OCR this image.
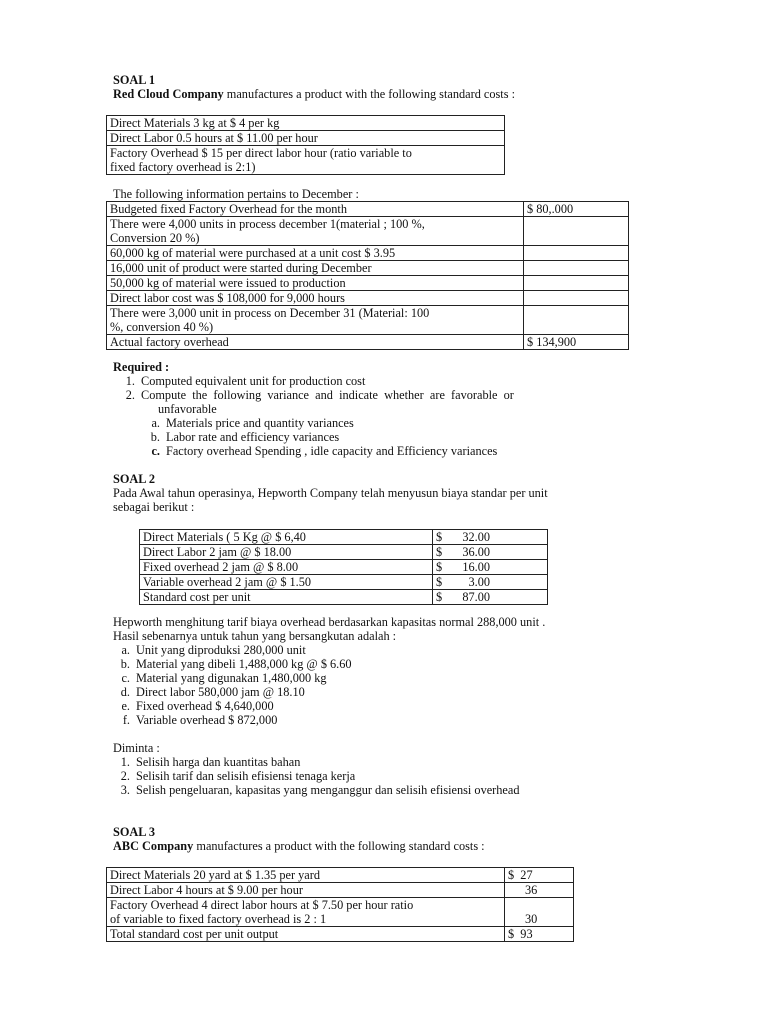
SOAL 1
Red Cloud Company manufactures a product with the following standard costs :
Direct Materials 3 kg at $ 4 per kg
Direct Labor 0.5 hours at $ 11.00 per hour

Factory Overhead $ 15 per direct labor hour (ratio variable to
fixed factory overhead is 2:1)
The following information pertains to December :
Budgeted fixed Factory Overhead for the month	$ 80,.000

There were 4,000 units in process december 1(material ; 100 %,
Conversion 20 %)	

60,000 kg of material were purchased at a unit cost $ 3.95	
16,000 unit of product were started during December	
50,000 kg of material were issued to production	
Direct labor cost was $ 108,000 for 9,000 hours	

There were 3,000 unit in process on December 31 (Material: 100
%, conversion 40 %)	

Actual factory overhead	$ 134,900
Required :
1. Computed equivalent unit for production cost
2. Compute  the  following  variance  and  indicate  whether  are  favorable  or
unfavorable
a. Materials price and quantity variances
b. Labor rate and efficiency variances
c. Factory overhead Spending , idle capacity and Efficiency variances
SOAL 2
Pada Awal tahun operasinya, Hepworth Company telah menyusun biaya standar per unit
sebagai berikut :
Direct Materials ( 5 Kg @ $ 6,40	$ 32.00

Direct Labor 2 jam @ $ 18.00	$ 36.00

Fixed overhead 2 jam @ $ 8.00	$ 16.00

Variable overhead 2 jam @ $ 1.50	$ 3.00

Standard cost per unit	$ 87.00
Hepworth menghitung tarif biaya overhead berdasarkan kapasitas normal 288,000 unit .
Hasil sebenarnya untuk tahun yang bersangkutan adalah :
a. Unit yang diproduksi 280,000 unit
b. Material yang dibeli 1,488,000 kg @ $ 6.60
c. Material yang digunakan 1,480,000 kg
d. Direct labor 580,000 jam @ 18.10
e. Fixed overhead $ 4,640,000
f. Variable overhead $ 872,000
Diminta :
1. Selisih harga dan kuantitas bahan
2. Selisih tarif dan selisih efisiensi tenaga kerja
3. Selish pengeluaran, kapasitas yang menganggur dan selisih efisiensi overhead
SOAL 3
ABC Company manufactures a product with the following standard costs :
Direct Materials 20 yard at $ 1.35 per yard	$  27
Direct Labor 4 hours at $ 9.00 per hour	36

Factory Overhead 4 direct labor hours at $ 7.50 per hour ratio
of variable to fixed factory overhead is 2 : 1	30

Total standard cost per unit output	$  93
